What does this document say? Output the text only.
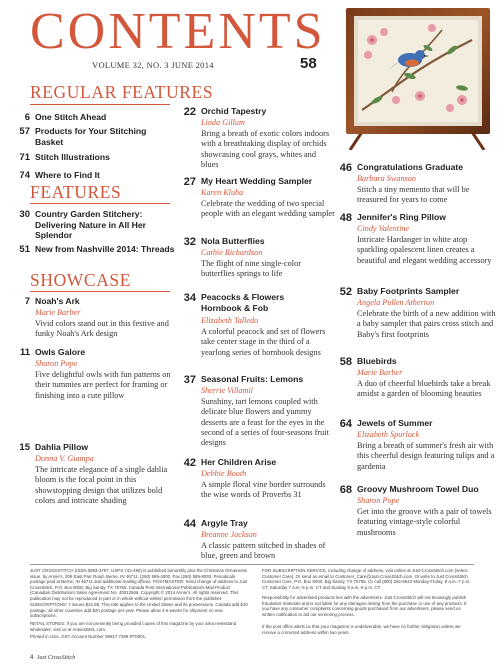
CONTENTS
VOLUME 32, NO. 3 JUNE 2014	58
REGULAR FEATURES
6 One Stitch Ahead
57 Products for Your Stitching Basket
71 Stitch Illustrations
74 Where to Find It
FEATURES
30 Country Garden Stitchery: Delivering Nature in All Her Splendor
51 New from Nashville 2014: Threads
SHOWCASE
7 Noah's Ark
Marie Barber
Vivid colors stand out in this festive and funky Noah's Ark design
11 Owls Galore
Sharon Pope
Five delightful owls with fun patterns on their tummies are perfect for framing or finishing into a cute pillow
15 Dahlia Pillow
Donna V. Giampa
The intricate elegance of a single dahlia bloom is the focal point in this showstopping design that utilizes bold colors and intricate shading
22 Orchid Tapestry
Linda Gillum
Bring a breath of exotic colors indoors with a breathtaking display of orchids showcasing cool grays, whites and blues
27 My Heart Wedding Sampler
Karen Kluba
Celebrate the wedding of two special people with an elegant wedding sampler
32 Nola Butterflies
Cathie Richardson
The flight of nine single-color butterflies springs to life
34 Peacocks & Flowers Hornbook & Fob
Elizabeth Talledo
A colorful peacock and set of flowers take center stage in the third of a yearlong series of hornbook designs
37 Seasonal Fruits: Lemons
Sherrie Villamil
Sunshiny, tart lemons coupled with delicate blue flowers and yummy desserts are a feast for the eyes in the second of a series of four-seasons fruit designs
42 Her Children Arise
Debbie Booth
A simple floral vine border surrounds the wise words of Proverbs 31
44 Argyle Tray
Breanne Jackson
A classic pattern stitched in shades of blue, green and brown
46 Congratulations Graduate
Barbara Swanson
Stitch a tiny memento that will be treasured for years to come
48 Jennifer's Ring Pillow
Cindy Valentine
Intricate Hardanger in white atop sparkling opalescent linen creates a beautiful and elegant wedding accessory
52 Baby Footprints Sampler
Angela Pullen Atherton
Celebrate the birth of a new addition with a baby sampler that pairs cross stitch and Baby's first footprints
58 Bluebirds
Marie Barber
A duo of cheerful bluebirds take a break amidst a garden of blooming beauties
64 Jewels of Summer
Elizabeth Spurlock
Bring a breath of summer's fresh air with this cheerful design featuring tulips and a gardenia
68 Groovy Mushroom Towel Duo
Sharon Pope
Get into the groove with a pair of towels featuring vintage-style colorful mushrooms
JUST CROSSSTITCH (ISSN 0883-4797, USPS 742-490) is published bimonthly plus the Christmas Ornaments issue, by Annie's, 306 East Parr Road, Berne, IN 46711. (260) 589-4000. Fax (260) 589-8093. Periodicals postage paid at Berne, IN 46711 and additional mailing offices. POSTMASTER: Send change of address to Just CrossStitch, P.O. Box 8000, Big Sandy, TX 75755. Canada Post International Publications Mail Product (Canadian Distribution) Sales Agreement No. 40012566. Copyright © 2014 Annie's. All rights reserved. This publication may not be reproduced in part or in whole without written permission from the publisher.
SUBSCRIPTIONS: 7 issues $22.98. This rate applies to the United States and its possessions. Canada add $10 postage; all other countries add $20 postage per year. Please allow 4-6 weeks for shipment on new subscriptions.
RETAIL STORES: If you are not presently being provided copies of this magazine by your area newsstand wholesaler, visit us at AnniesWSL.com.
Printed in USA. GST Account Number 89617 7298 RT0001.
FOR SUBSCRIPTION SERVICE, including change of address, visit online at Just-CrossStitch.com (select Customer Care). Or send an email to Customer_Care@Just-CrossStitch.com. Or write to Just CrossStitch Customer Care, P.O. Box 8000, Big Sandy, TX 75755. Or call (800) 282-6643 Monday-Friday, 8 a.m.-7 p.m. CT, Saturday 7 a.m.-5 p.m. CT and Sunday 9 a.m.-5 p.m. CT.
Responsibility for advertised products lies with the advertisers. Just CrossStitch will not knowingly publish fraudulent materials and is not liable for any damages arising from the purchase or use of any products. If you have any consumer complaints concerning goods purchased from our advertisers, please send us written notification to aid our screening process.
If the post office alerts us that your magazine is undeliverable, we have no further obligation unless we receive a corrected address within two years.
4 Just CrossStitch
